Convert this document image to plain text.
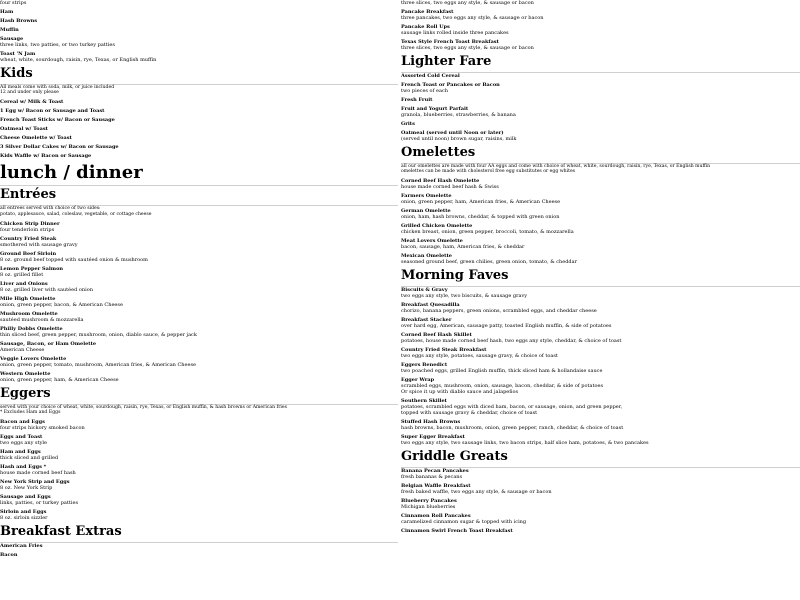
four strips
Ham
Hash Browns
Muffin
Sausage
three links, two patties, or two turkey patties
Toast 'N Jam
wheat, white, sourdough, raisin, rye, Texas, or English muffin
Kids
All meals come with soda, milk, or juice included
12 and under only please
Cereal w/ Milk & Toast
1 Egg w/ Bacon or Sausage and Toast
French Toast Sticks w/ Bacon or Sausage
Oatmeal w/ Toast
Cheese Omelette w/ Toast
3 Silver Dollar Cakes w/ Bacon or Sausage
Kids Waffle w/ Bacon or Sausage
lunch / dinner
Entrées
all entrees served with choice of two sides:
potato, applesauce, salad, coleslaw, vegetable, or cottage cheese
Chicken Strip Dinner
four tenderloin strips
Country Fried Steak
smothered with sausage gravy
Ground Beef Sirloin
8 oz. ground beef topped with sautéed onion & mushroom
Lemon Pepper Salmon
8 oz. grilled fillet
Liver and Onions
8 oz. grilled liver with sautéed onion
Mile High Omelette
onion, green pepper, bacon, & American Cheese
Mushroom Omelette
sautéed mushroom & mozzarella
Philly Dobbs Omelette
thin sliced beef, green pepper, mushroom, onion, diablo sauce, & pepper jack
Sausage, Bacon, or Ham Omelette
American Cheese
Veggie Lovers Omelette
onion, green pepper, tomato, mushroom, American fries, & American Cheese
Western Omelette
onion, green pepper, ham, & American Cheese
Eggers
served with your choice of wheat, white, sourdough, raisin, rye, Texas, or English muffin, & hash browns or American fries
* Excludes Ham and Eggs
Bacon and Eggs
four strips hickory smoked bacon
Eggs and Toast
two eggs any style
Ham and Eggs
thick sliced and grilled
Hash and Eggs *
house made corned beef hash
New York Strip and Eggs
8 oz. New York Strip
Sausage and Eggs
links, patties, or turkey patties
Sirloin and Eggs
8 oz. sirloin sizzler
Breakfast Extras
American Fries
Bacon
three slices, two eggs any style, & sausage or bacon
Pancake Breakfast
three pancakes, two eggs any style, & sausage or bacon
Pancake Roll Ups
sausage links rolled inside three pancakes
Texas Style French Toast Breakfast
three slices, two eggs any style, & sausage or bacon
Lighter Fare
Assorted Cold Cereal
French Toast or Pancakes or Bacon
two pieces of each
Fresh Fruit
Fruit and Yogurt Parfait
granola, blueberries, strawberries, & banana
Grits
Oatmeal (served until Noon or later)
(served until noon) brown sugar, raisins, milk
Omelettes
all our omelettes are made with four AA eggs and come with choice of wheat, white, sourdough, raisin, rye, Texas, or English muffin
omelettes can be made with cholesterol free egg substitutes or egg whites
Corned Beef Hash Omelette
house made corned beef hash & Swiss
Farmers Omelette
onion, green pepper, ham, American fries, & American Cheese
German Omelette
onion, ham, hash browns, cheddar, & topped with green onion
Grilled Chicken Omelette
chicken breast, onion, green pepper, broccoli, tomato, & mozzarella
Meat Lovers Omelette
bacon, sausage, ham, American fries, & cheddar
Mexican Omelette
seasoned ground beef, green chilies, green onion, tomato, & cheddar
Morning Faves
Biscuits & Gravy
two eggs any style, two biscuits, & sausage gravy
Breakfast Quesadilla
chorizo, banana peppers, green onions, scrambled eggs, and cheddar cheese
Breakfast Stacker
over hard egg, American, sausage patty, toasted English muffin, & side of potatoes
Corned Beef Hash Skillet
potatoes, house made corned beef hash, two eggs any style, cheddar, & choice of toast
Country Fried Steak Breakfast
two eggs any style, potatoes, sausage gravy, & choice of toast
Eggers Benedict
two poached eggs, grilled English muffin, thick sliced ham & hollandaise sauce
Egger Wrap
scrambled eggs, mushroom, onion, sausage, bacon, cheddar, & side of potatoes
Or spice it up with diablo sauce and jalapeños
Southern Skillet
potatoes, scrambled eggs with diced ham, bacon, or sausage, onion, and green pepper,
topped with sausage gravy & cheddar, choice of toast
Stuffed Hash Browns
hash browns, bacon, mushroom, onion, green pepper, ranch, cheddar, & choice of toast
Super Egger Breakfast
two eggs any style, two sausage links, two bacon strips, half slice ham, potatoes, & two pancakes
Griddle Greats
Banana Pecan Pancakes
fresh bananas & pecans
Belgian Waffle Breakfast
fresh baked waffle, two eggs any style, & sausage or bacon
Blueberry Pancakes
Michigan blueberries
Cinnamon Roll Pancakes
caramelized cinnamon sugar & topped with icing
Cinnamon Swirl French Toast Breakfast
